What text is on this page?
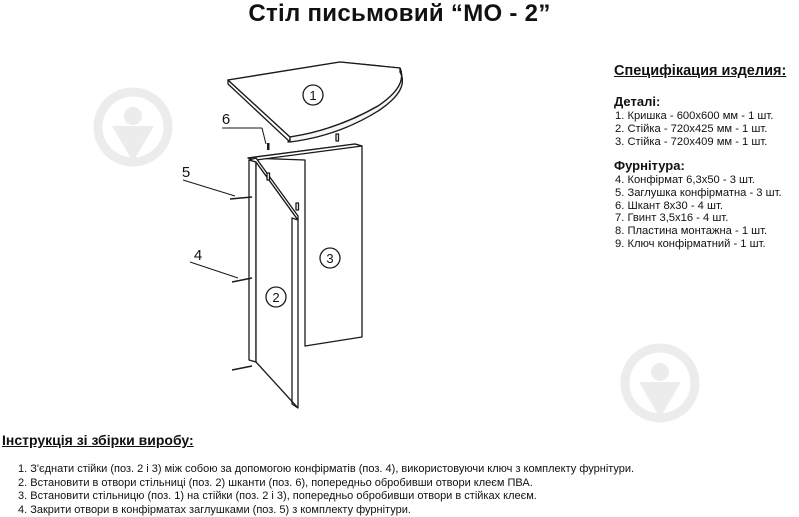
Стіл письмовий “МО - 2”
1
2
3
6
5
4
Специфікация изделия:
Деталі:
1. Кришка - 600х600 мм - 1 шт.
2. Стійка - 720х425 мм - 1 шт.
3. Стійка - 720х409 мм - 1 шт.
Фурнітура:
4. Конфірмат 6,3х50 - 3 шт.
5. Заглушка конфірматна - 3 шт.
6. Шкант 8х30 - 4 шт.
7. Гвинт 3,5х16 - 4 шт.
8. Пластина монтажна - 1 шт.
9. Ключ конфірматний - 1 шт.
Інструкція зі збірки виробу:
1. З'єднати стійки (поз. 2 і 3) між собою за допомогою конфірматів (поз. 4), використовуючи ключ з комплекту фурнітури.
2. Встановити в отвори стільниці (поз. 2) шканти (поз. 6), попередньо обробивши отвори клеєм ПВА.
3. Встановити стільницю (поз. 1) на стійки (поз. 2 і 3), попередньо обробивши отвори в стійках клеєм.
4. Закрити отвори в конфірматах заглушками (поз. 5) з комплекту фурнітури.
